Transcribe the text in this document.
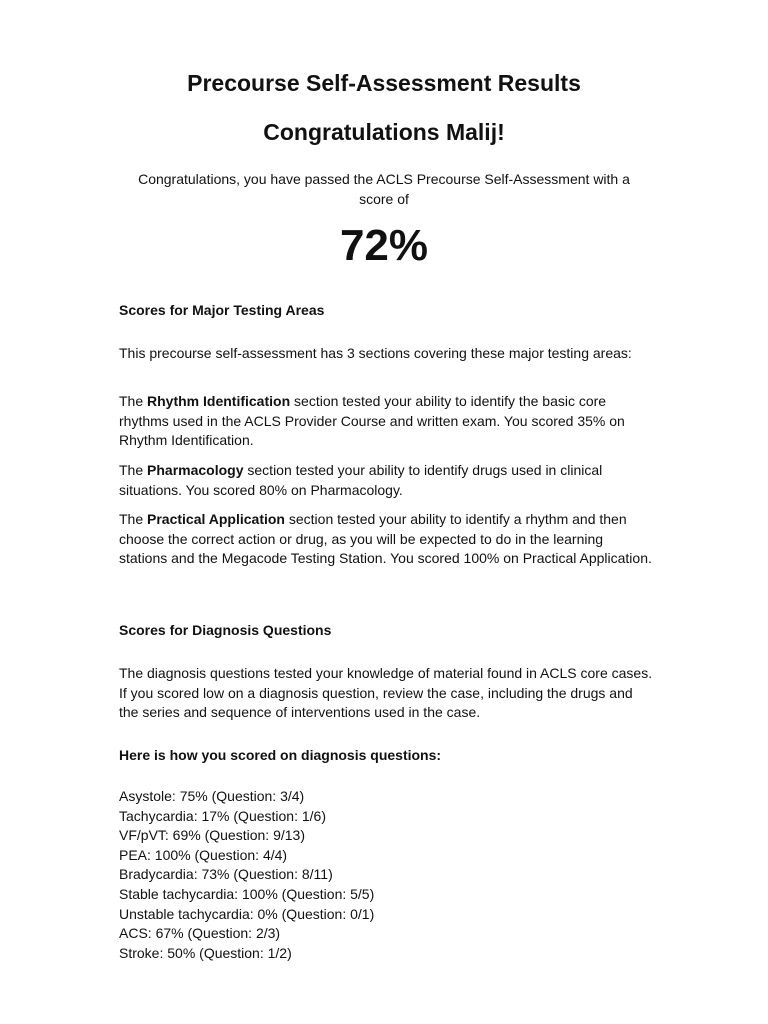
Precourse Self-Assessment Results
Congratulations Malij!

Congratulations, you have passed the ACLS Precourse Self-Assessment with a score of

72%

Scores for Major Testing Areas

This precourse self-assessment has 3 sections covering these major testing areas:

The Rhythm Identification section tested your ability to identify the basic core rhythms used in the ACLS Provider Course and written exam. You scored 35% on Rhythm Identification.

The Pharmacology section tested your ability to identify drugs used in clinical situations. You scored 80% on Pharmacology.

The Practical Application section tested your ability to identify a rhythm and then choose the correct action or drug, as you will be expected to do in the learning stations and the Megacode Testing Station. You scored 100% on Practical Application.

Scores for Diagnosis Questions

The diagnosis questions tested your knowledge of material found in ACLS core cases. If you scored low on a diagnosis question, review the case, including the drugs and the series and sequence of interventions used in the case.

Here is how you scored on diagnosis questions:

Asystole: 75% (Question: 3/4)
Tachycardia: 17% (Question: 1/6)
VF/pVT: 69% (Question: 9/13)
PEA: 100% (Question: 4/4)
Bradycardia: 73% (Question: 8/11)
Stable tachycardia: 100% (Question: 5/5)
Unstable tachycardia: 0% (Question: 0/1)
ACS: 67% (Question: 2/3)
Stroke: 50% (Question: 1/2)
